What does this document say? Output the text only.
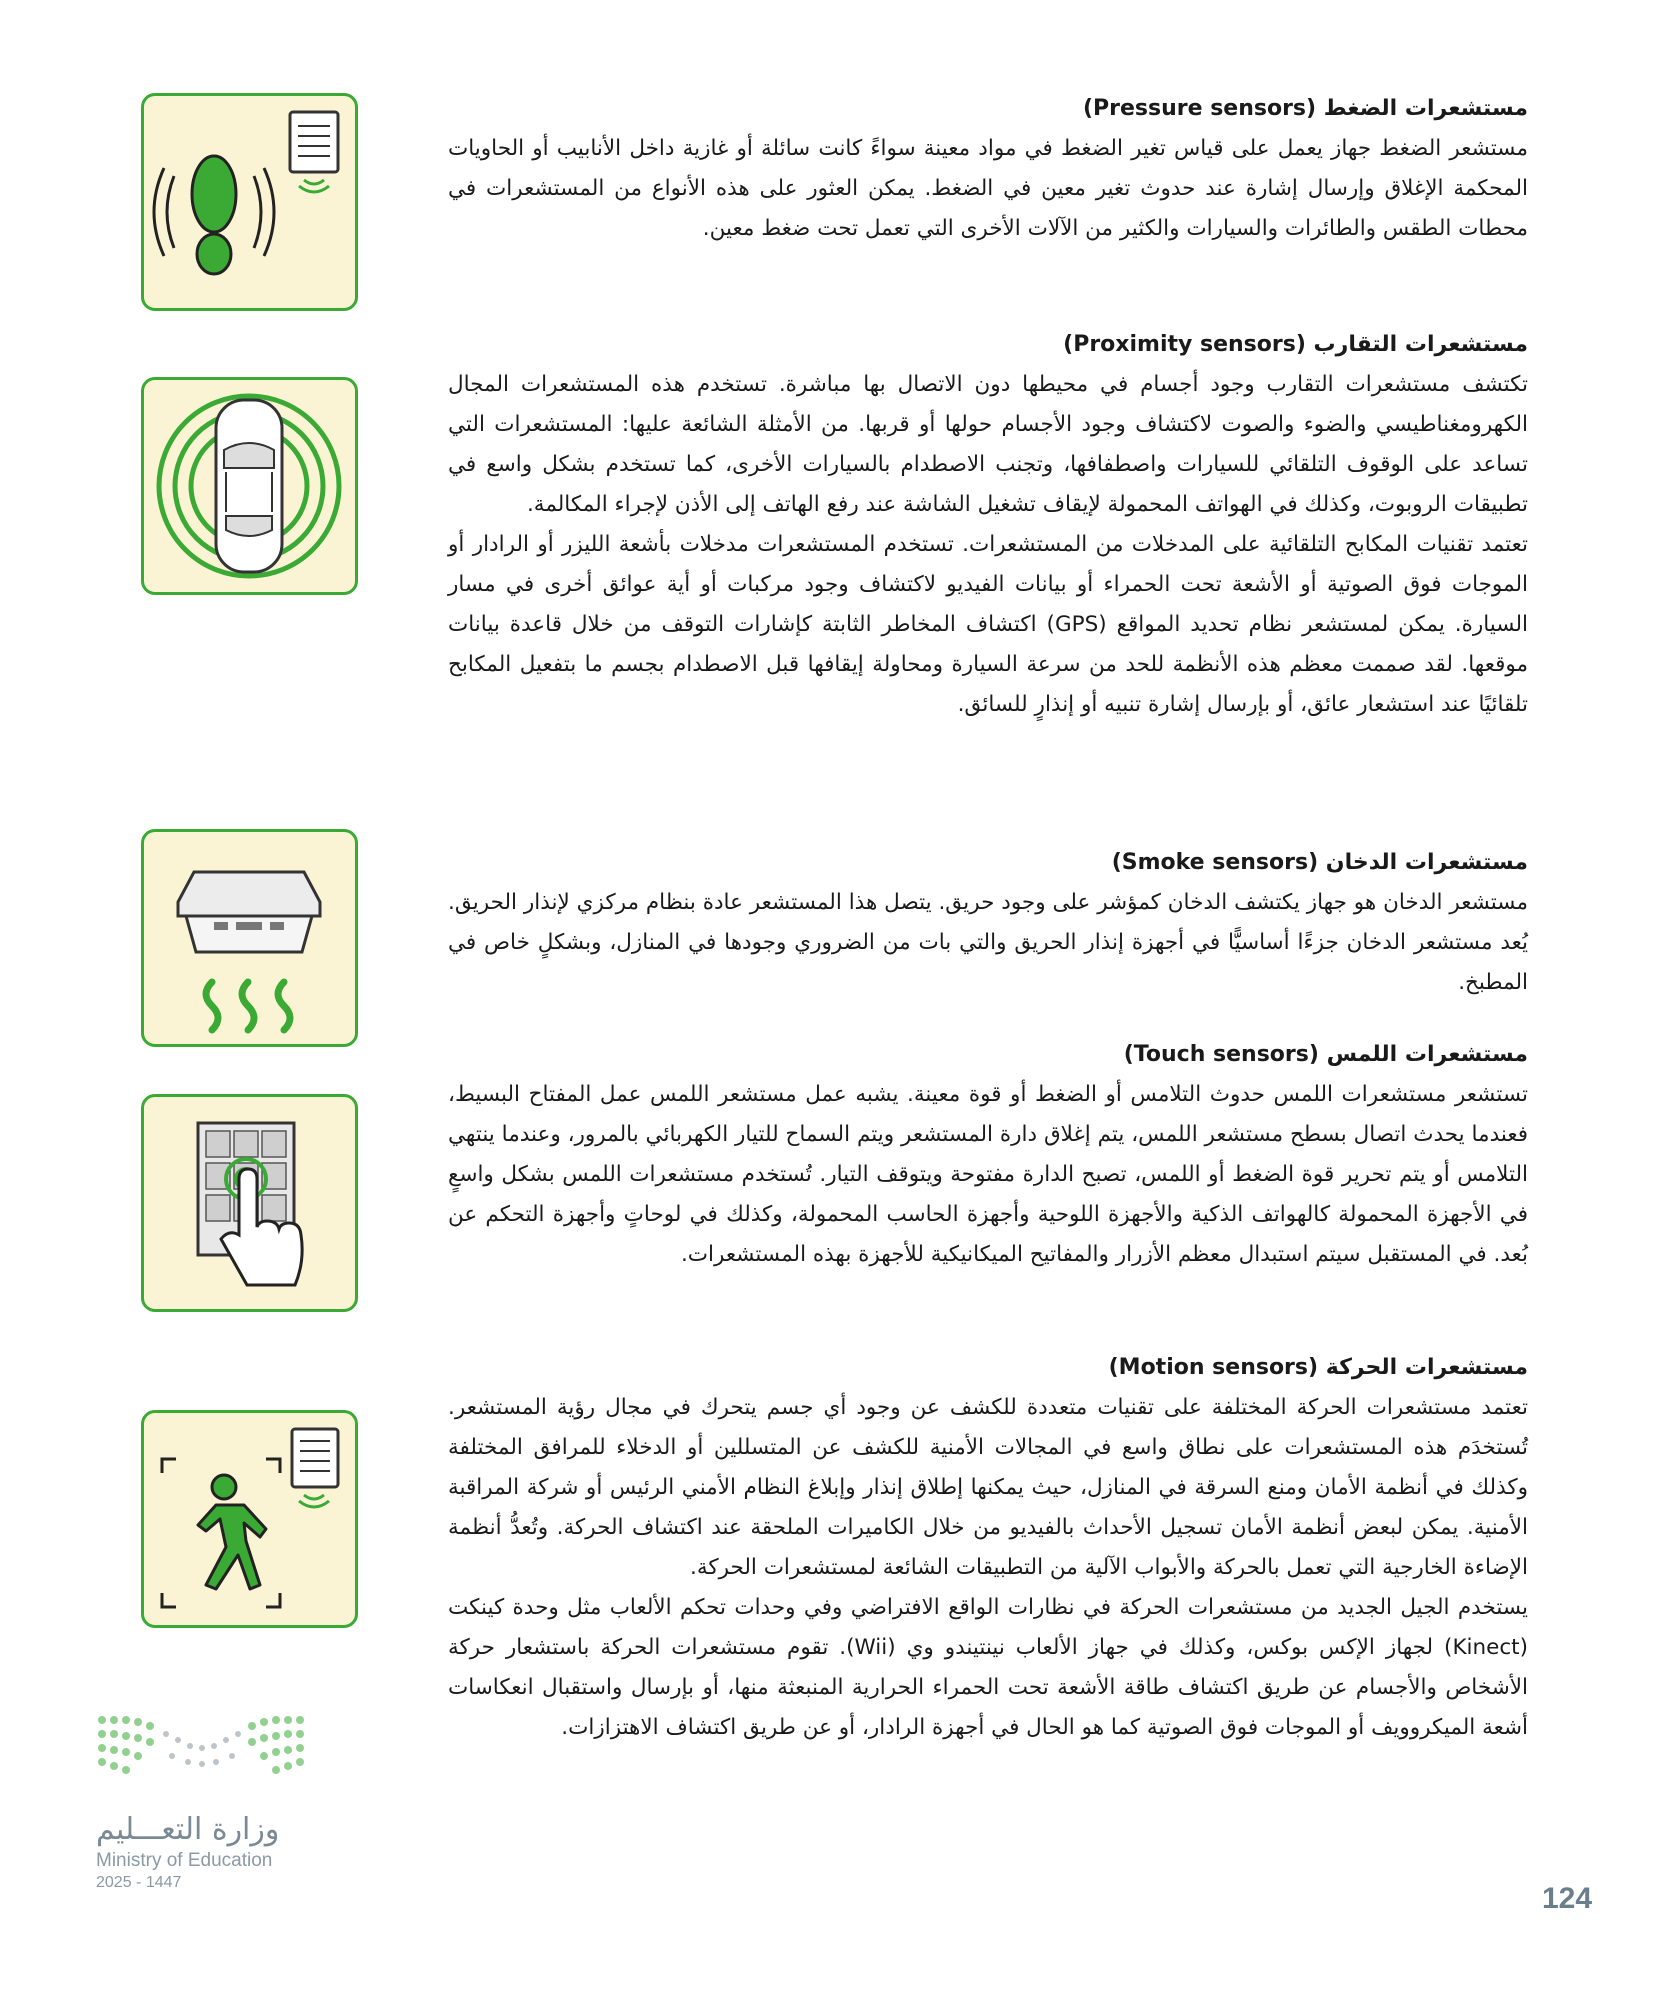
مستشعرات الضغط (Pressure sensors)

مستشعر الضغط جهاز يعمل على قياس تغير الضغط في مواد معينة سواءً كانت سائلة أو غازية داخل الأنابيب أو الحاويات المحكمة الإغلاق وإرسال إشارة عند حدوث تغير معين في الضغط. يمكن العثور على هذه الأنواع من المستشعرات في محطات الطقس والطائرات والسيارات والكثير من الآلات الأخرى التي تعمل تحت ضغط معين.

مستشعرات التقارب (Proximity sensors)

تكتشف مستشعرات التقارب وجود أجسام في محيطها دون الاتصال بها مباشرة. تستخدم هذه المستشعرات المجال الكهرومغناطيسي والضوء والصوت لاكتشاف وجود الأجسام حولها أو قربها. من الأمثلة الشائعة عليها: المستشعرات التي تساعد على الوقوف التلقائي للسيارات واصطفافها، وتجنب الاصطدام بالسيارات الأخرى، كما تستخدم بشكل واسع في تطبيقات الروبوت، وكذلك في الهواتف المحمولة لإيقاف تشغيل الشاشة عند رفع الهاتف إلى الأذن لإجراء المكالمة.

تعتمد تقنيات المكابح التلقائية على المدخلات من المستشعرات. تستخدم المستشعرات مدخلات بأشعة الليزر أو الرادار أو الموجات فوق الصوتية أو الأشعة تحت الحمراء أو بيانات الفيديو لاكتشاف وجود مركبات أو أية عوائق أخرى في مسار السيارة. يمكن لمستشعر نظام تحديد المواقع (GPS) اكتشاف المخاطر الثابتة كإشارات التوقف من خلال قاعدة بيانات موقعها. لقد صممت معظم هذه الأنظمة للحد من سرعة السيارة ومحاولة إيقافها قبل الاصطدام بجسم ما بتفعيل المكابح تلقائيًا عند استشعار عائق، أو بإرسال إشارة تنبيه أو إنذارٍ للسائق.

مستشعرات الدخان (Smoke sensors)

مستشعر الدخان هو جهاز يكتشف الدخان كمؤشر على وجود حريق. يتصل هذا المستشعر عادة بنظام مركزي لإنذار الحريق. يُعد مستشعر الدخان جزءًا أساسيًّا في أجهزة إنذار الحريق والتي بات من الضروري وجودها في المنازل، وبشكلٍ خاص في المطبخ.

مستشعرات اللمس (Touch sensors)

تستشعر مستشعرات اللمس حدوث التلامس أو الضغط أو قوة معينة. يشبه عمل مستشعر اللمس عمل المفتاح البسيط، فعندما يحدث اتصال بسطح مستشعر اللمس، يتم إغلاق دارة المستشعر ويتم السماح للتيار الكهربائي بالمرور، وعندما ينتهي التلامس أو يتم تحرير قوة الضغط أو اللمس، تصبح الدارة مفتوحة ويتوقف التيار. تُستخدم مستشعرات اللمس بشكل واسعٍ في الأجهزة المحمولة كالهواتف الذكية والأجهزة اللوحية وأجهزة الحاسب المحمولة، وكذلك في لوحاتٍ وأجهزة التحكم عن بُعد. في المستقبل سيتم استبدال معظم الأزرار والمفاتيح الميكانيكية للأجهزة بهذه المستشعرات.

مستشعرات الحركة (Motion sensors)

تعتمد مستشعرات الحركة المختلفة على تقنيات متعددة للكشف عن وجود أي جسم يتحرك في مجال رؤية المستشعر. تُستخدَم هذه المستشعرات على نطاق واسع في المجالات الأمنية للكشف عن المتسللين أو الدخلاء للمرافق المختلفة وكذلك في أنظمة الأمان ومنع السرقة في المنازل، حيث يمكنها إطلاق إنذار وإبلاغ النظام الأمني الرئيس أو شركة المراقبة الأمنية. يمكن لبعض أنظمة الأمان تسجيل الأحداث بالفيديو من خلال الكاميرات الملحقة عند اكتشاف الحركة. وتُعدُّ أنظمة الإضاءة الخارجية التي تعمل بالحركة والأبواب الآلية من التطبيقات الشائعة لمستشعرات الحركة.

يستخدم الجيل الجديد من مستشعرات الحركة في نظارات الواقع الافتراضي وفي وحدات تحكم الألعاب مثل وحدة كينكت (Kinect) لجهاز الإكس بوكس، وكذلك في جهاز الألعاب نينتيندو وي (Wii). تقوم مستشعرات الحركة باستشعار حركة الأشخاص والأجسام عن طريق اكتشاف طاقة الأشعة تحت الحمراء الحرارية المنبعثة منها، أو بإرسال واستقبال انعكاسات أشعة الميكروويف أو الموجات فوق الصوتية كما هو الحال في أجهزة الرادار، أو عن طريق اكتشاف الاهتزازات.

وزارة التعـــليم
Ministry of Education
2025 - 1447	124
